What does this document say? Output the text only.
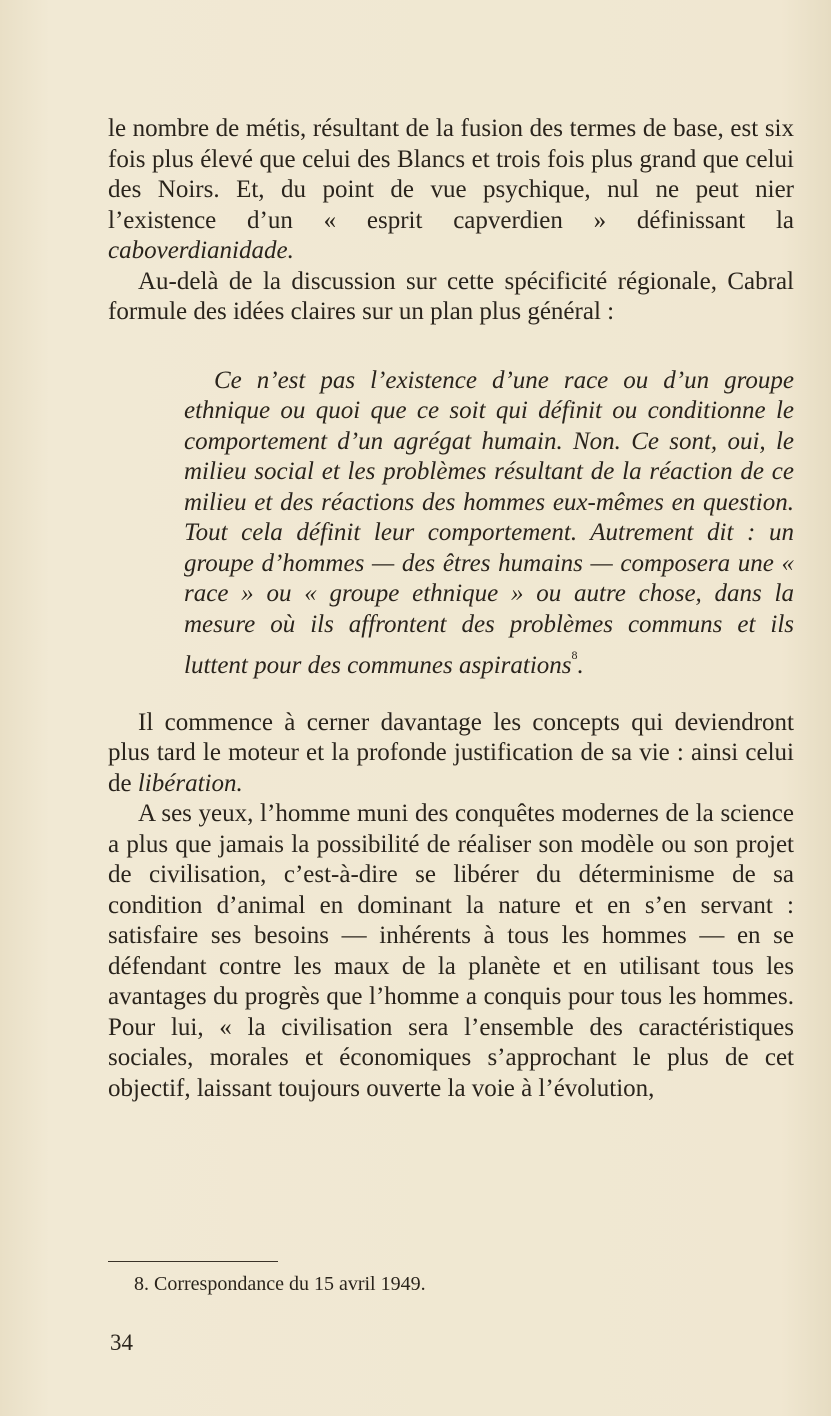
le nombre de métis, résultant de la fusion des termes de base, est six fois plus élevé que celui des Blancs et trois fois plus grand que celui des Noirs. Et, du point de vue psychique, nul ne peut nier l’existence d’un « esprit capverdien » définissant la caboverdianidade.

Au-delà de la discussion sur cette spécificité régionale, Cabral formule des idées claires sur un plan plus général :

Ce n’est pas l’existence d’une race ou d’un groupe ethnique ou quoi que ce soit qui définit ou conditionne le comportement d’un agrégat humain. Non. Ce sont, oui, le milieu social et les problèmes résultant de la réaction de ce milieu et des réactions des hommes eux-mêmes en question. Tout cela définit leur comportement. Autrement dit : un groupe d’hommes — des êtres humains — composera une « race » ou « groupe ethnique » ou autre chose, dans la mesure où ils affrontent des problèmes communs et ils luttent pour des communes aspirations$^8$.

Il commence à cerner davantage les concepts qui deviendront plus tard le moteur et la profonde justification de sa vie : ainsi celui de libération.

A ses yeux, l’homme muni des conquêtes modernes de la science a plus que jamais la possibilité de réaliser son modèle ou son projet de civilisation, c’est-à-dire se libérer du déterminisme de sa condition d’animal en dominant la nature et en s’en servant : satisfaire ses besoins — inhérents à tous les hommes — en se défendant contre les maux de la planète et en utilisant tous les avantages du progrès que l’homme a conquis pour tous les hommes. Pour lui, « la civilisation sera l’ensemble des caractéristiques sociales, morales et économiques s’approchant le plus de cet objectif, laissant toujours ouverte la voie à l’évolution,

8. Correspondance du 15 avril 1949.
34
